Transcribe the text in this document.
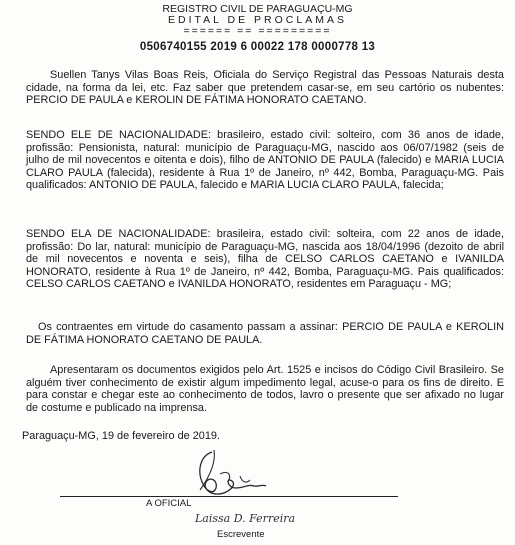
REGISTRO CIVIL DE PARAGUAÇU-MG
EDITAL DE PROCLAMAS
====== == =========
0506740155 2019 6 00022 178 0000778 13
Suellen Tanys Vilas Boas Reis, Oficiala do Serviço Registral das Pessoas Naturais desta cidade, na forma da lei, etc. Faz saber que pretendem casar-se, em seu cartório os nubentes: PERCIO DE PAULA e KEROLIN DE FÁTIMA HONORATO CAETANO.
SENDO ELE DE NACIONALIDADE: brasileiro, estado civil: solteiro, com 36 anos de idade, profissão: Pensionista, natural: município de Paraguaçu-MG, nascido aos 06/07/1982 (seis de julho de mil novecentos e oitenta e dois), filho de ANTONIO DE PAULA (falecido) e MARIA LUCIA CLARO PAULA (falecida), residente à Rua 1º de Janeiro, nº 442, Bomba, Paraguaçu-MG. Pais qualificados: ANTONIO DE PAULA, falecido e MARIA LUCIA CLARO PAULA, falecida;
SENDO ELA DE NACIONALIDADE: brasileira, estado civil: solteira, com 22 anos de idade, profissão: Do lar, natural: município de Paraguaçu-MG, nascida aos 18/04/1996 (dezoito de abril de mil novecentos e noventa e seis), filha de CELSO CARLOS CAETANO e IVANILDA HONORATO, residente à Rua 1º de Janeiro, nº 442, Bomba, Paraguaçu-MG. Pais qualificados: CELSO CARLOS CAETANO e IVANILDA HONORATO, residentes em Paraguaçu - MG;
Os contraentes em virtude do casamento passam a assinar: PERCIO DE PAULA e KEROLIN DE FÁTIMA HONORATO CAETANO DE PAULA.
Apresentaram os documentos exigidos pelo Art. 1525 e incisos do Código Civil Brasileiro. Se alguém tiver conhecimento de existir algum impedimento legal, acuse-o para os fins de direito. E para constar e chegar este ao conhecimento de todos, lavro o presente que ser afixado no lugar de costume e publicado na imprensa.
Paraguaçu-MG, 19 de fevereiro de 2019.
A OFICIAL
Laissa D. Ferreira
Escrevente
